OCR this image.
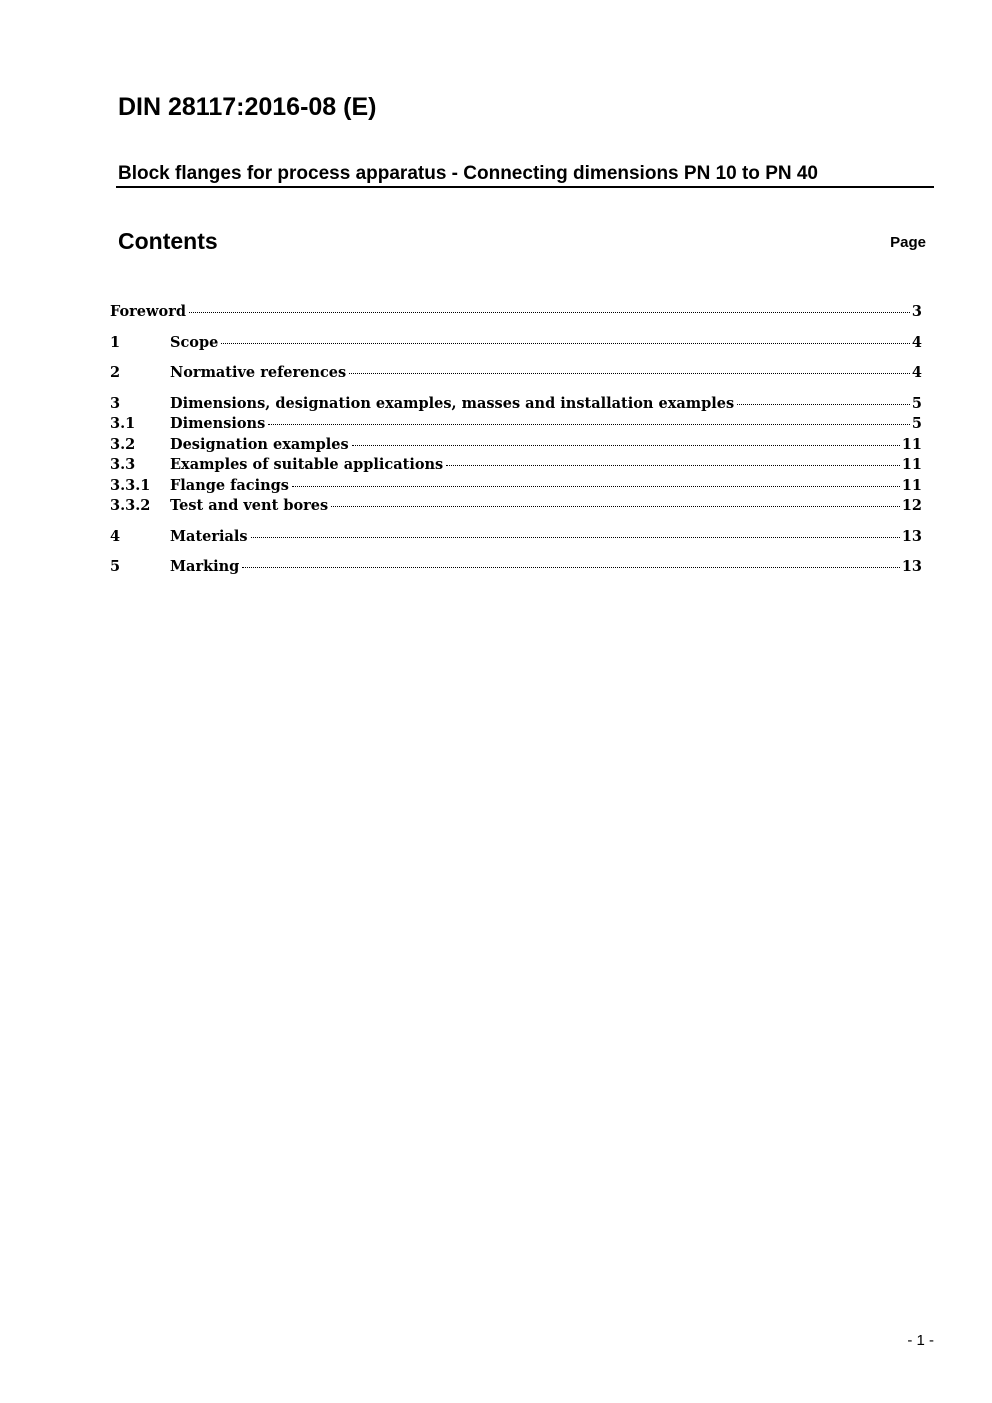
DIN 28117:2016-08 (E)

Block flanges for process apparatus - Connecting dimensions PN 10 to PN 40

Contents	Page
Foreword	3
1	Scope	4
2	Normative references	4
3	Dimensions, designation examples, masses and installation examples	5
3.1	Dimensions	5
3.2	Designation examples	11
3.3	Examples of suitable applications	11
3.3.1	Flange facings	11
3.3.2	Test and vent bores	12
4	Materials	13
5	Marking	13
- 1 -
